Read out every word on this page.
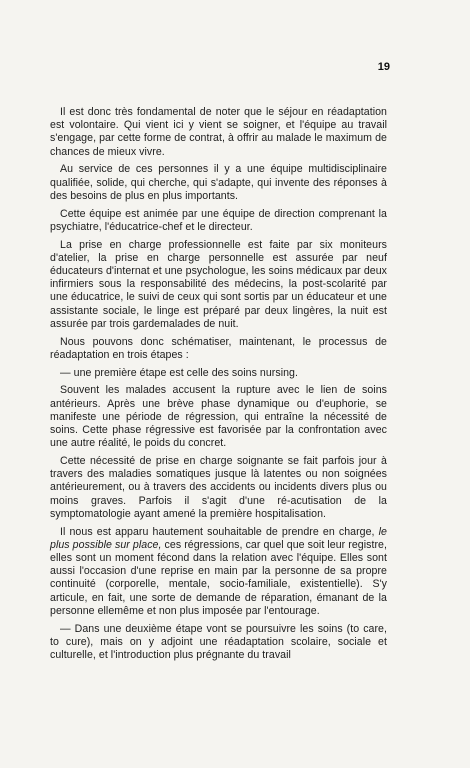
19

Il est donc très fondamental de noter que le séjour en réadaptation est volontaire. Qui vient ici y vient se soigner, et l'équipe au travail s'engage, par cette forme de contrat, à offrir au malade le maximum de chances de mieux vivre.

Au service de ces personnes il y a une équipe multidisciplinaire qualifiée, solide, qui cherche, qui s'adapte, qui invente des réponses à des besoins de plus en plus importants.

Cette équipe est animée par une équipe de direction comprenant la psychiatre, l'éducatrice-chef et le directeur.

La prise en charge professionnelle est faite par six moniteurs d'atelier, la prise en charge personnelle est assurée par neuf éducateurs d'internat et une psychologue, les soins médicaux par deux infirmiers sous la responsabilité des médecins, la post-scolarité par une éducatrice, le suivi de ceux qui sont sortis par un éducateur et une assistante sociale, le linge est préparé par deux lingères, la nuit est assurée par trois gardemalades de nuit.

Nous pouvons donc schématiser, maintenant, le processus de réadaptation en trois étapes :

— une première étape est celle des soins nursing.

Souvent les malades accusent la rupture avec le lien de soins antérieurs. Après une brève phase dynamique ou d'euphorie, se manifeste une période de régression, qui entraîne la nécessité de soins. Cette phase régressive est favorisée par la confrontation avec une autre réalité, le poids du concret.

Cette nécessité de prise en charge soignante se fait parfois jour à travers des maladies somatiques jusque là latentes ou non soignées antérieurement, ou à travers des accidents ou incidents divers plus ou moins graves. Parfois il s'agit d'une ré-acutisation de la symptomatologie ayant amené la première hospitalisation.

Il nous est apparu hautement souhaitable de prendre en charge, le plus possible sur place, ces régressions, car quel que soit leur registre, elles sont un moment fécond dans la relation avec l'équipe. Elles sont aussi l'occasion d'une reprise en main par la personne de sa propre continuité (corporelle, mentale, socio-familiale, existentielle). S'y articule, en fait, une sorte de demande de réparation, émanant de la personne ellemême et non plus imposée par l'entourage.

— Dans une deuxième étape vont se poursuivre les soins (to care, to cure), mais on y adjoint une réadaptation scolaire, sociale et culturelle, et l'introduction plus prégnante du travail
